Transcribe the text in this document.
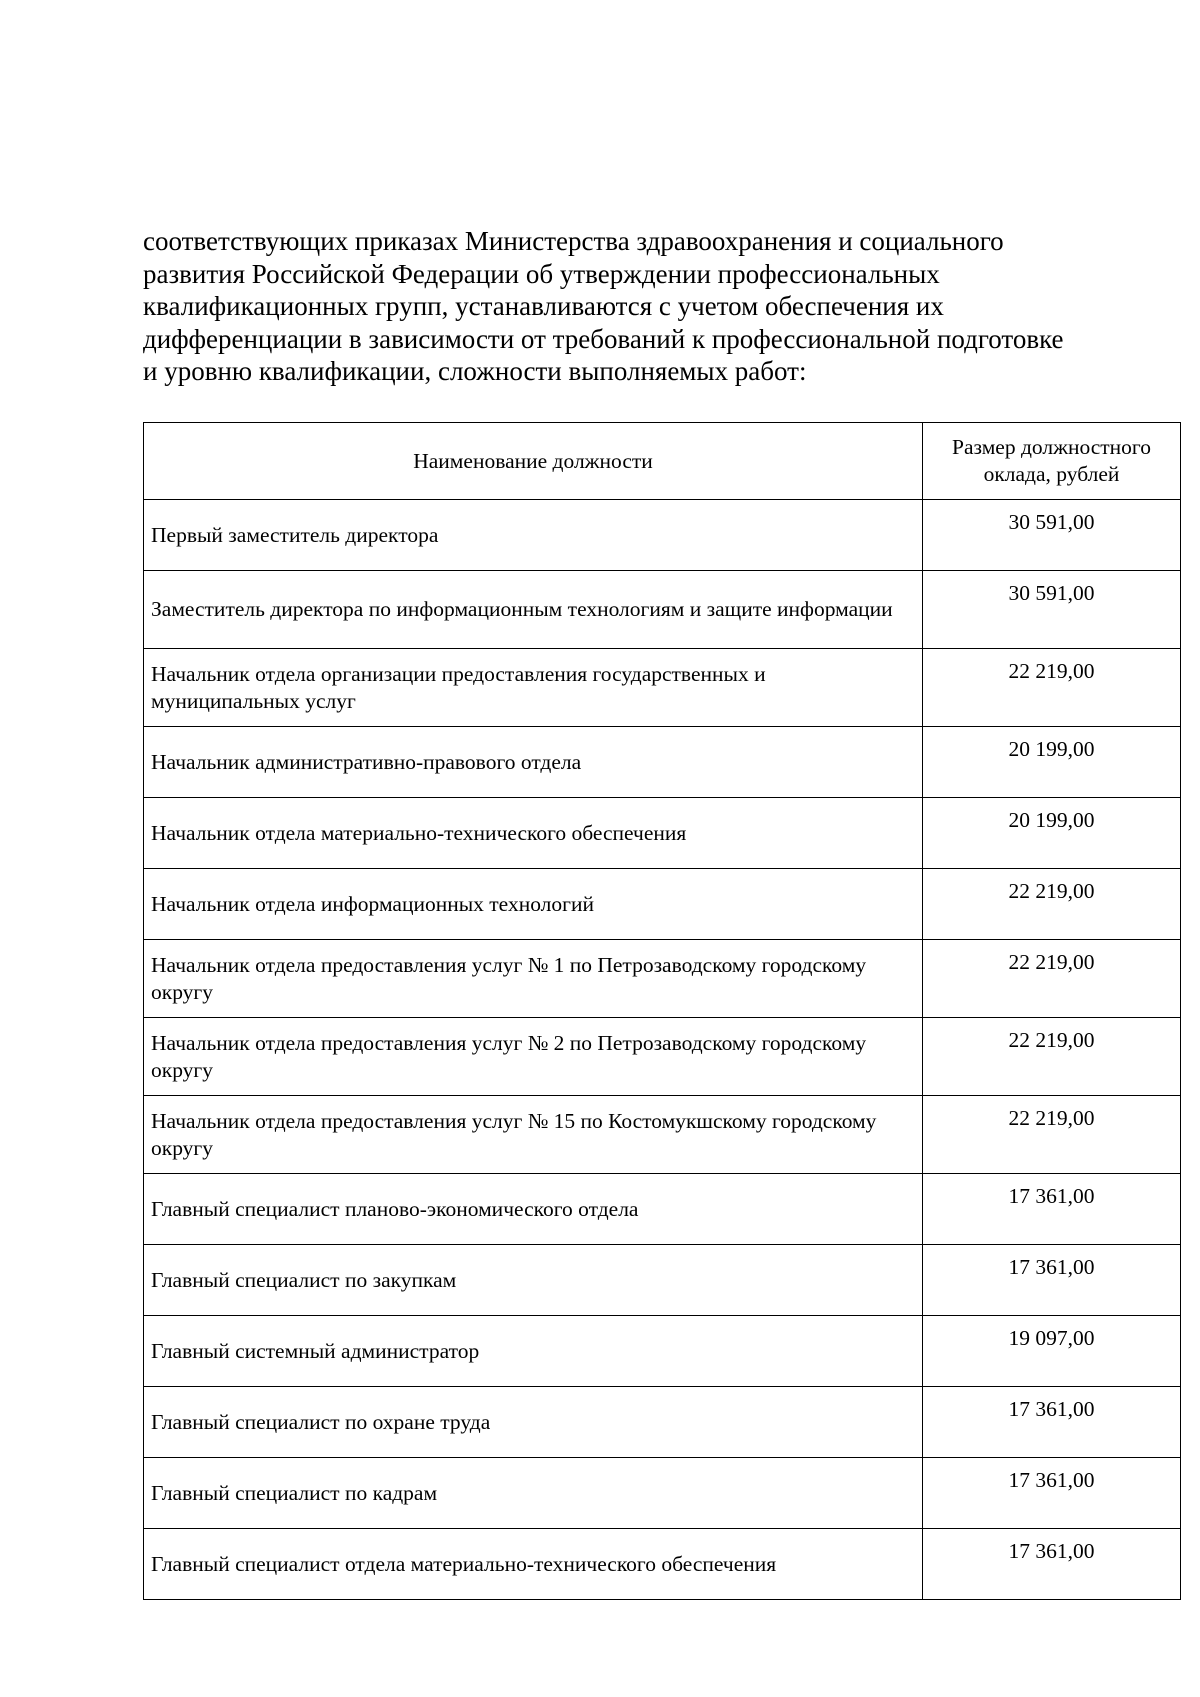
соответствующих приказах Министерства здравоохранения и социального
развития Российской Федерации об утверждении профессиональных
квалификационных групп, устанавливаются с учетом обеспечения их
дифференциации в зависимости от требований к профессиональной подготовке
и уровню квалификации, сложности выполняемых работ:
Наименование должности	Размер должностного оклада, рублей

Первый заместитель директора	30 591,00

Заместитель директора по информационным технологиям и защите информации	30 591,00

Начальник отдела организации предоставления государственных и муниципальных услуг	22 219,00

Начальник административно-правового отдела	20 199,00

Начальник отдела материально-технического обеспечения	20 199,00

Начальник отдела информационных технологий	22 219,00

Начальник отдела предоставления услуг № 1 по Петрозаводскому городскому округу	22 219,00

Начальник отдела предоставления услуг № 2 по Петрозаводскому городскому округу	22 219,00

Начальник отдела предоставления услуг № 15 по Костомукшскому городскому округу	22 219,00

Главный специалист планово-экономического отдела	17 361,00

Главный специалист по закупкам	17 361,00

Главный системный администратор	19 097,00

Главный специалист по охране труда	17 361,00

Главный специалист по кадрам	17 361,00

Главный специалист отдела материально-технического обеспечения	17 361,00
